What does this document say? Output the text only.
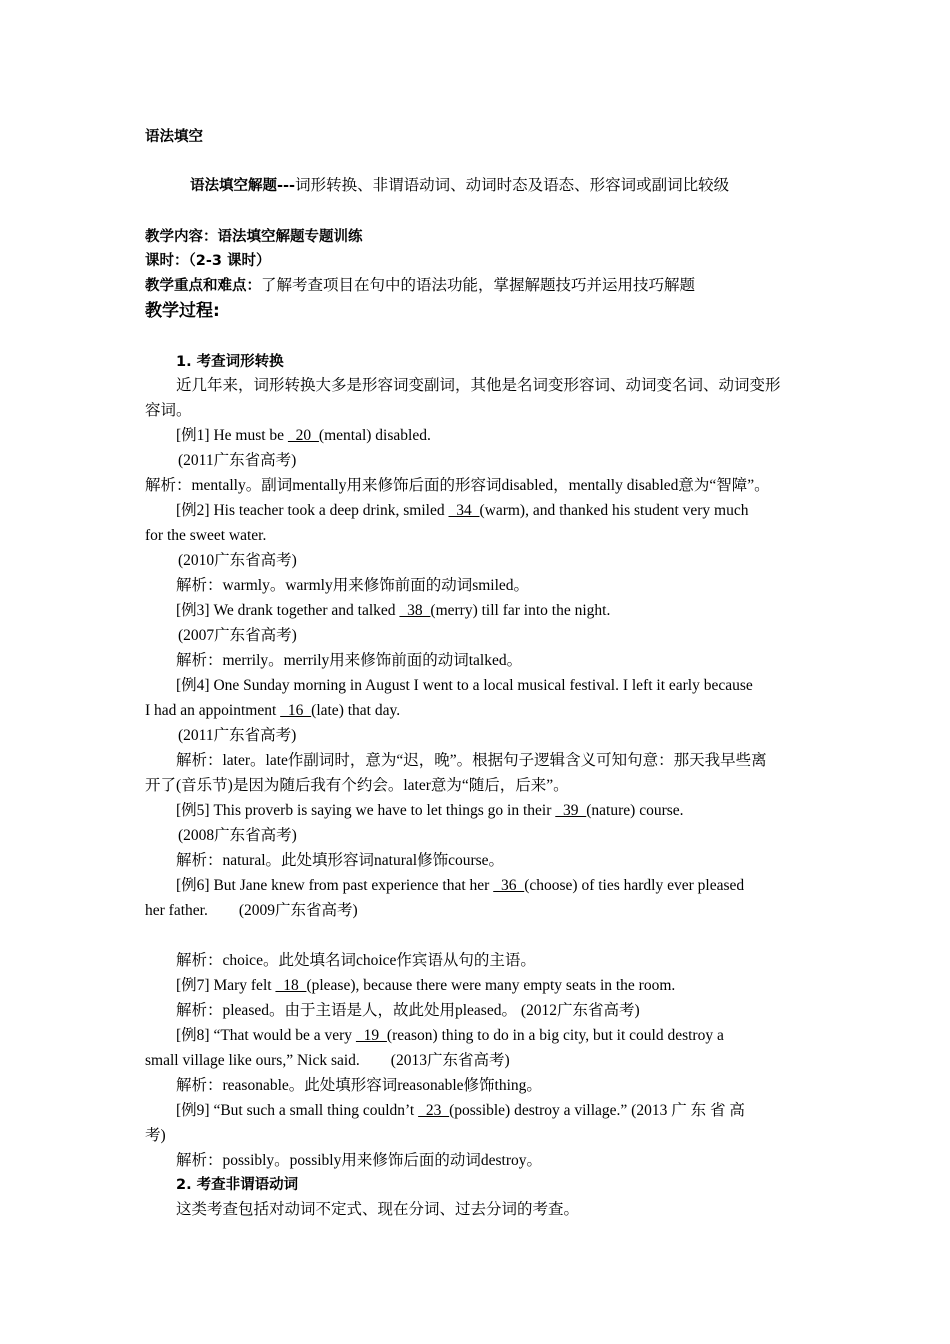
语法填空
语法填空解题---词形转换、非谓语动词、动词时态及语态、形容词或副词比较级
教学内容：语法填空解题专题训练
课时：（2-3 课时）
教学重点和难点：了解考查项目在句中的语法功能，掌握解题技巧并运用技巧解题
教学过程:
1. 考查词形转换
近几年来，词形转换大多是形容词变副词，其他是名词变形容词、动词变名词、动词变形
容词。
[例1] He must be   20  (mental) disabled.
(2011广东省高考)
解析：mentally。副词mentally用来修饰后面的形容词disabled，mentally disabled意为“智障”。
[例2] His teacher took a deep drink, smiled   34  (warm), and thanked his student very much
for the sweet water.
(2010广东省高考)
解析：warmly。warmly用来修饰前面的动词smiled。
[例3] We drank together and talked   38  (merry) till far into the night.
(2007广东省高考)
解析：merrily。merrily用来修饰前面的动词talked。
[例4] One Sunday morning in August I went to a local musical festival. I left it early because
I had an appointment   16  (late) that day.
(2011广东省高考)
解析：later。late作副词时，意为“迟，晚”。根据句子逻辑含义可知句意：那天我早些离
开了(音乐节)是因为随后我有个约会。later意为“随后，后来”。
[例5] This proverb is saying we have to let things go in their   39  (nature) course.
(2008广东省高考)
解析：natural。此处填形容词natural修饰course。
[例6] But Jane knew from past experience that her   36  (choose) of ties hardly ever pleased
her father.        (2009广东省高考)
解析：choice。此处填名词choice作宾语从句的主语。
[例7] Mary felt   18  (please), because there were many empty seats in the room.
解析：pleased。由于主语是人，故此处用pleased。 (2012广东省高考)
[例8] “That would be a very   19  (reason) thing to do in a big city, but it could destroy a
small village like ours,” Nick said.        (2013广东省高考)
解析：reasonable。此处填形容词reasonable修饰thing。
[例9] “But such a small thing couldn’t   23  (possible) destroy a village.” (2013 广 东 省 高
考)
解析：possibly。possibly用来修饰后面的动词destroy。
2. 考查非谓语动词
这类考查包括对动词不定式、现在分词、过去分词的考查。
